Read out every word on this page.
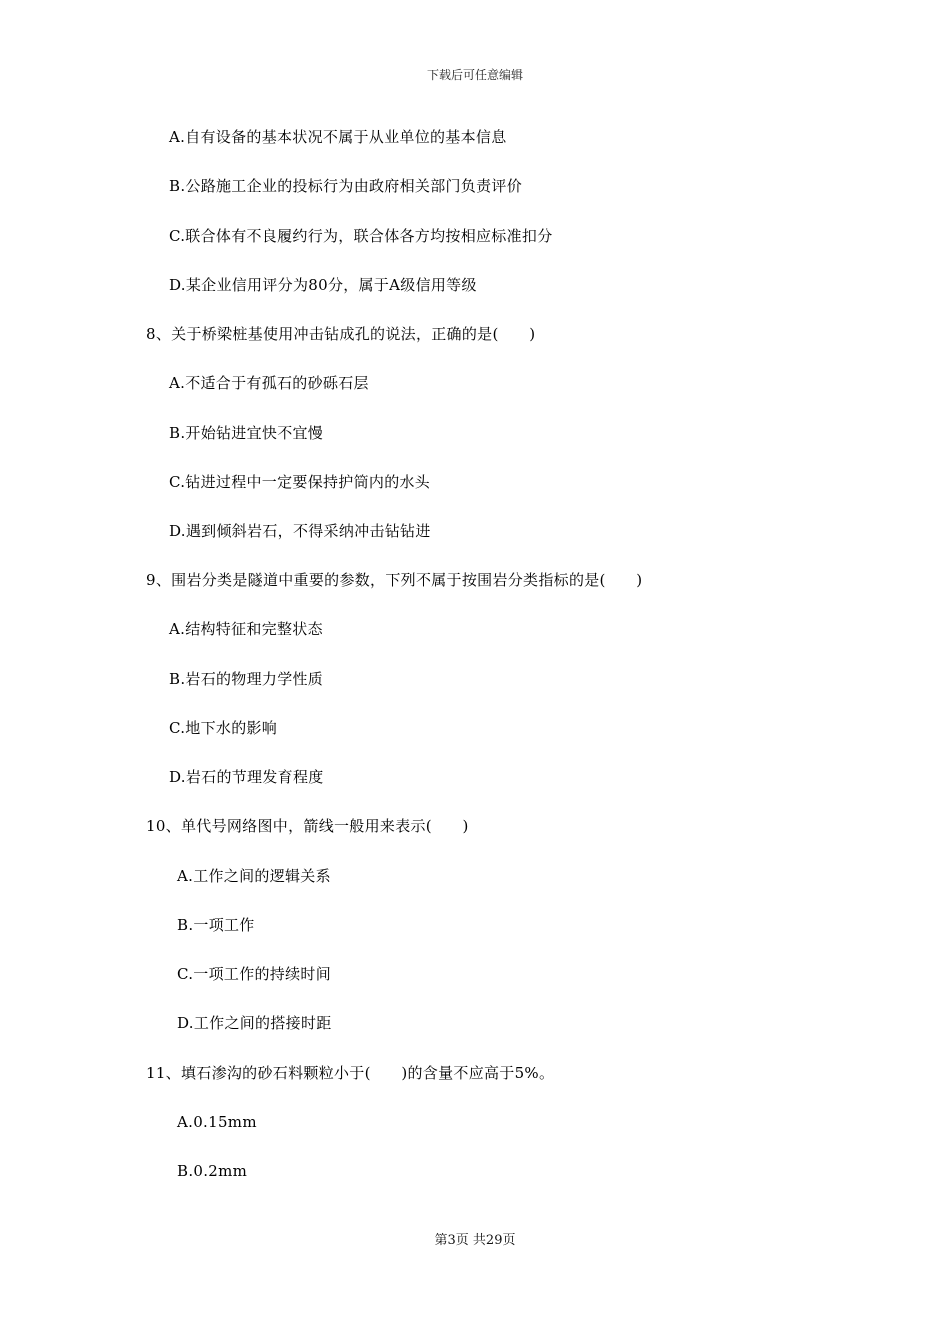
下载后可任意编辑
A.自有设备的基本状况不属于从业单位的基本信息
B.公路施工企业的投标行为由政府相关部门负责评价
C.联合体有不良履约行为，联合体各方均按相应标准扣分
D.某企业信用评分为80分，属于A级信用等级
8、关于桥梁桩基使用冲击钻成孔的说法，正确的是(　　)
A.不适合于有孤石的砂砾石层
B.开始钻进宜快不宜慢
C.钻进过程中一定要保持护筒内的水头
D.遇到倾斜岩石，不得采纳冲击钻钻进
9、围岩分类是隧道中重要的参数，下列不属于按围岩分类指标的是(　　)
A.结构特征和完整状态
B.岩石的物理力学性质
C.地下水的影响
D.岩石的节理发育程度
10、单代号网络图中，箭线一般用来表示(　　)
A.工作之间的逻辑关系
B.一项工作
C.一项工作的持续时间
D.工作之间的搭接时距
11、填石渗沟的砂石料颗粒小于(　　)的含量不应高于5%。
A.0.15mm
B.0.2mm
第3页 共29页
